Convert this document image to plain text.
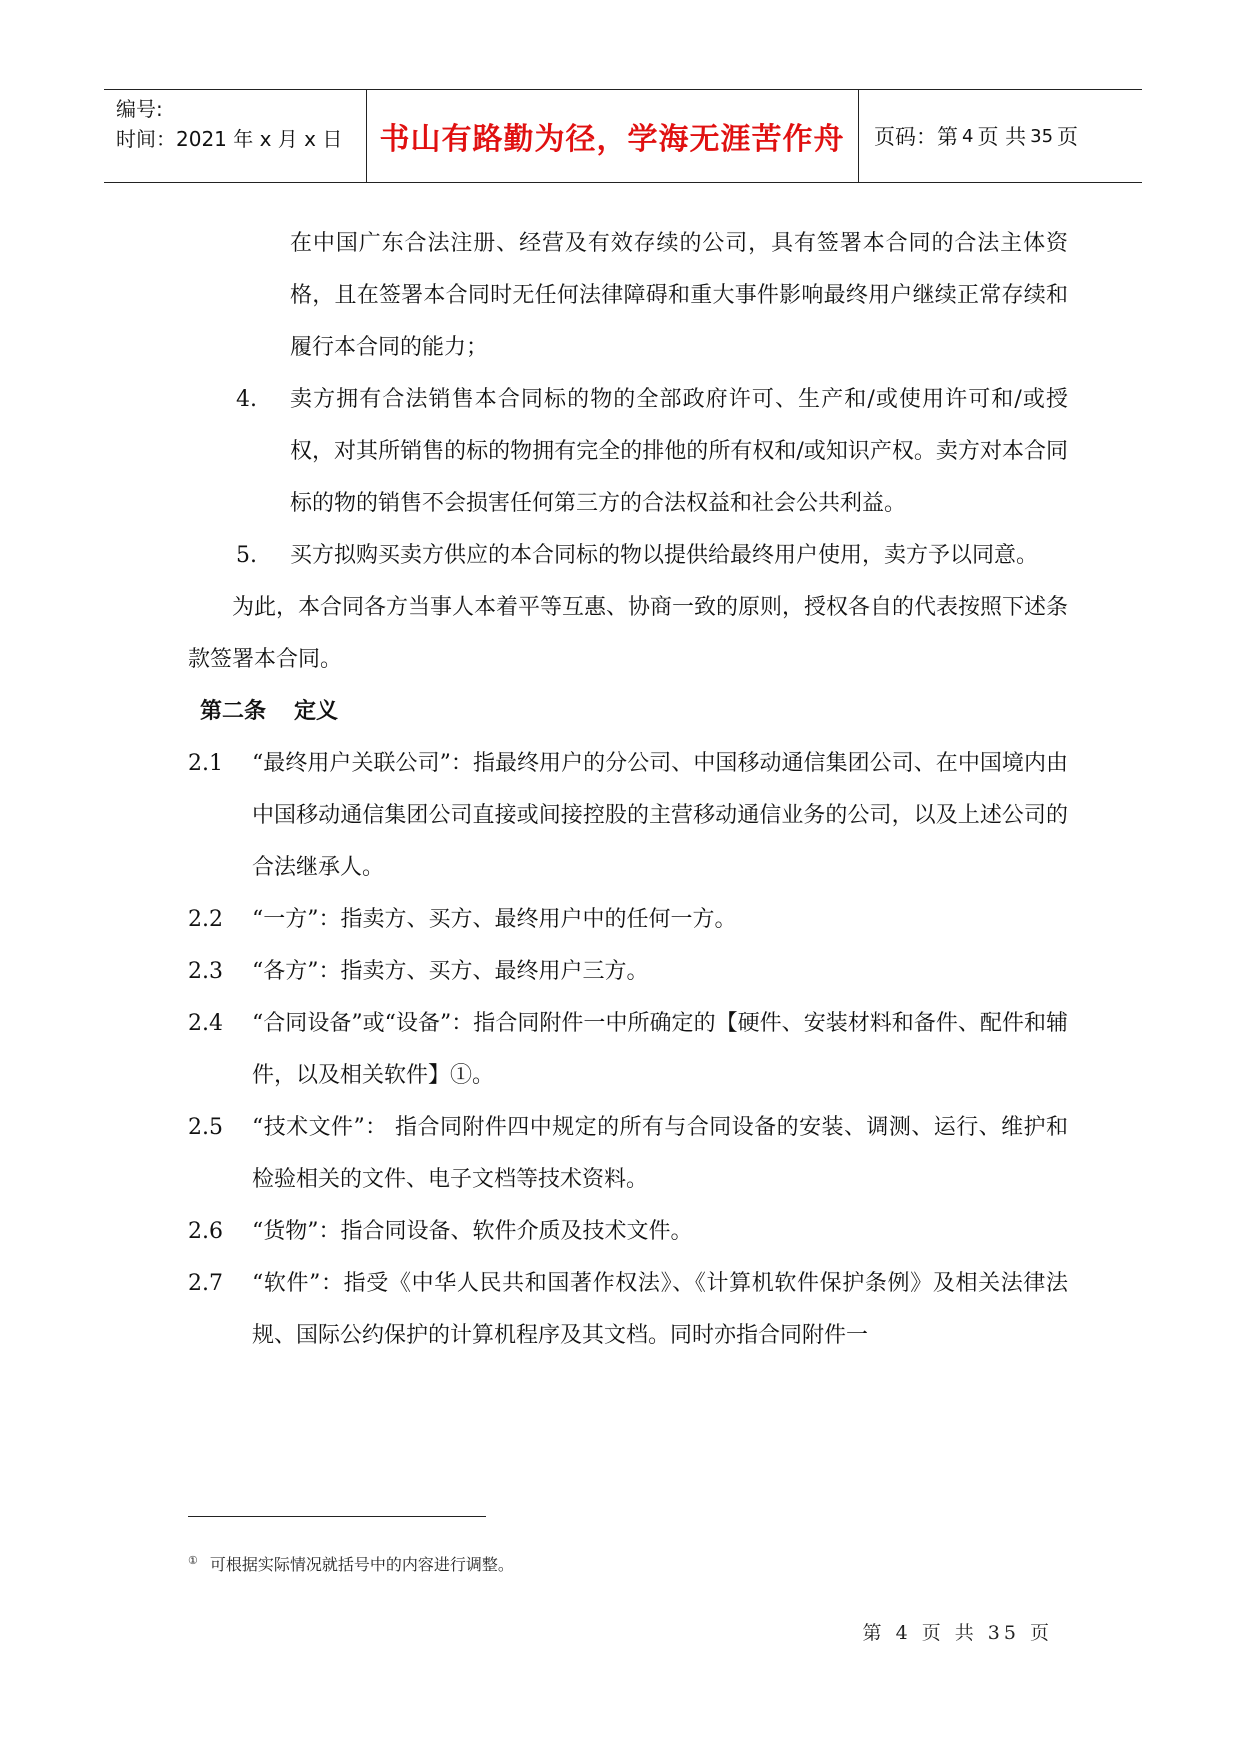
编号:
时间：2021 年 x 月 x 日	书山有路勤为径，学海无涯苦作舟	页码：第 4 页 共 35 页
在中国广东合法注册、经营及有效存续的公司，具有签署本合同的合法主体资格，且在签署本合同时无任何法律障碍和重大事件影响最终用户继续正常存续和履行本合同的能力；
4.	卖方拥有合法销售本合同标的物的全部政府许可、生产和/或使用许可和/或授权，对其所销售的标的物拥有完全的排他的所有权和/或知识产权。卖方对本合同标的物的销售不会损害任何第三方的合法权益和社会公共利益。
5.	买方拟购买卖方供应的本合同标的物以提供给最终用户使用，卖方予以同意。
为此，本合同各方当事人本着平等互惠、协商一致的原则，授权各自的代表按照下述条款签署本合同。
第二条 定义
2.1 “最终用户关联公司”：指最终用户的分公司、中国移动通信集团公司、在中国境内由中国移动通信集团公司直接或间接控股的主营移动通信业务的公司，以及上述公司的合法继承人。
2.2 “一方”：指卖方、买方、最终用户中的任何一方。
2.3 “各方”：指卖方、买方、最终用户三方。
2.4 “合同设备”或“设备”：指合同附件一中所确定的【硬件、安装材料和备件、配件和辅件，以及相关软件】①。
2.5 “技术文件”： 指合同附件四中规定的所有与合同设备的安装、调测、运行、维护和检验相关的文件、电子文档等技术资料。
2.6 “货物”：指合同设备、软件介质及技术文件。
2.7 “软件”：指受《中华人民共和国著作权法》、《计算机软件保护条例》及相关法律法规、国际公约保护的计算机程序及其文档。同时亦指合同附件一
① 可根据实际情况就括号中的内容进行调整。
第 4 页 共 35 页
